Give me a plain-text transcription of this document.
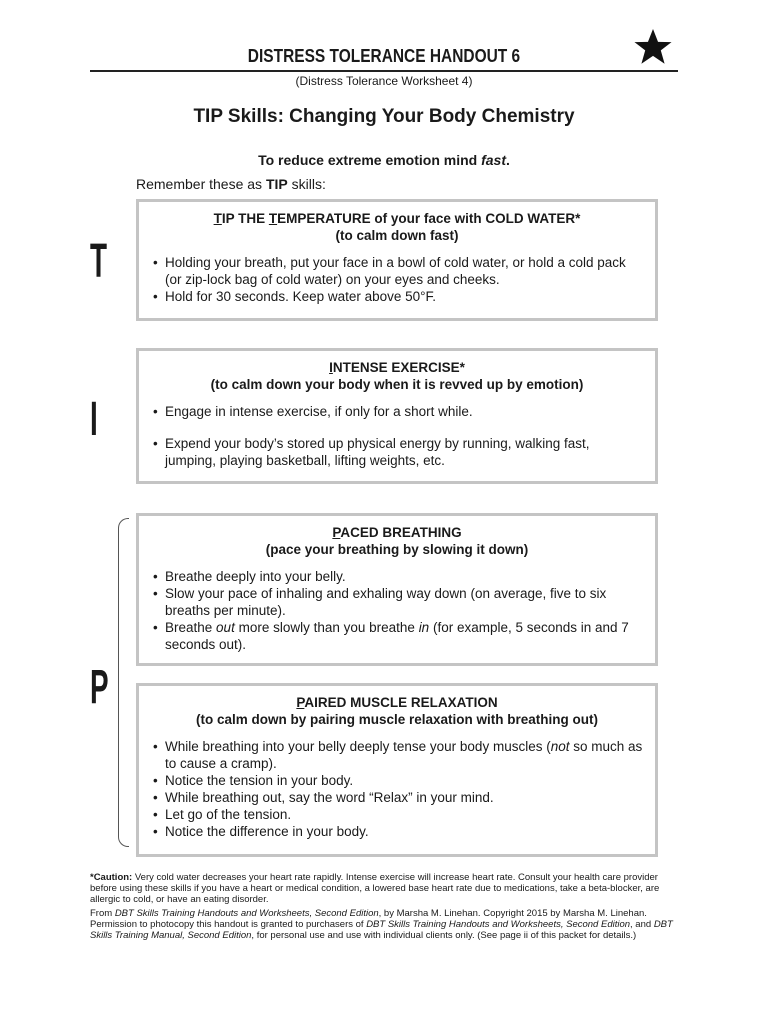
DISTRESS TOLERANCE HANDOUT 6
(Distress Tolerance Worksheet 4)
TIP Skills: Changing Your Body Chemistry
To reduce extreme emotion mind fast.
Remember these as TIP skills:
T
TIP THE TEMPERATURE of your face with COLD WATER*
(to calm down fast)
• Holding your breath, put your face in a bowl of cold water, or hold a cold pack (or zip-lock bag of cold water) on your eyes and cheeks.
• Hold for 30 seconds. Keep water above 50°F.
I
INTENSE EXERCISE*
(to calm down your body when it is revved up by emotion)
• Engage in intense exercise, if only for a short while.
• Expend your body’s stored up physical energy by running, walking fast, jumping, playing basketball, lifting weights, etc.
P
PACED BREATHING
(pace your breathing by slowing it down)
• Breathe deeply into your belly.
• Slow your pace of inhaling and exhaling way down (on average, five to six breaths per minute).
• Breathe out more slowly than you breathe in (for example, 5 seconds in and 7 seconds out).
PAIRED MUSCLE RELAXATION
(to calm down by pairing muscle relaxation with breathing out)
• While breathing into your belly deeply tense your body muscles (not so much as to cause a cramp).
• Notice the tension in your body.
• While breathing out, say the word “Relax” in your mind.
• Let go of the tension.
• Notice the difference in your body.
*Caution: Very cold water decreases your heart rate rapidly. Intense exercise will increase heart rate. Consult your health care provider before using these skills if you have a heart or medical condition, a lowered base heart rate due to medications, take a beta-blocker, are allergic to cold, or have an eating disorder.
From DBT Skills Training Handouts and Worksheets, Second Edition, by Marsha M. Linehan. Copyright 2015 by Marsha M. Linehan. Permission to photocopy this handout is granted to purchasers of DBT Skills Training Handouts and Worksheets, Second Edition, and DBT Skills Training Manual, Second Edition, for personal use and use with individual clients only. (See page ii of this packet for details.)
